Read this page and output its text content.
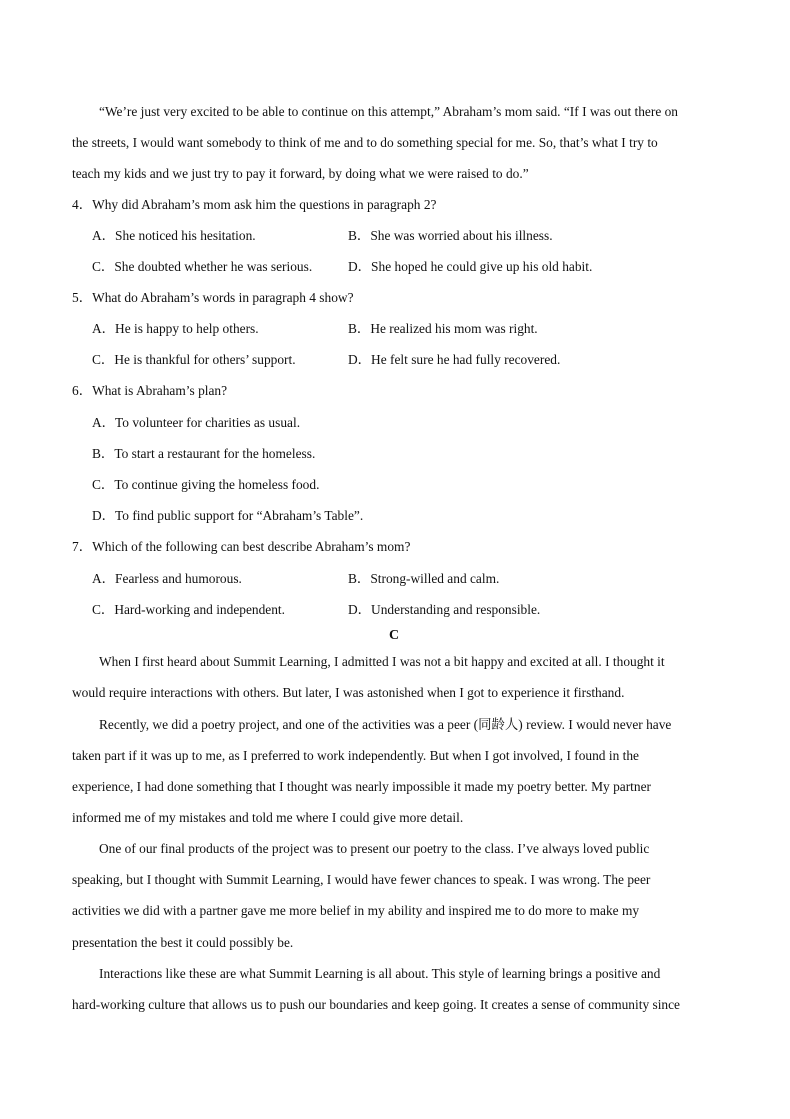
“We’re just very excited to be able to continue on this attempt,” Abraham’s mom said. “If I was out there on
the streets, I would want somebody to think of me and to do something special for me. So, that’s what I try to
teach my kids and we just try to pay it forward, by doing what we were raised to do.”
4．Why did Abraham’s mom ask him the questions in paragraph 2?
A．She noticed his hesitation.	B．She was worried about his illness.
C．She doubted whether he was serious.	D．She hoped he could give up his old habit.
5．What do Abraham’s words in paragraph 4 show?
A．He is happy to help others.	B．He realized his mom was right.
C．He is thankful for others’ support.	D．He felt sure he had fully recovered.
6．What is Abraham’s plan?
A．To volunteer for charities as usual.
B．To start a restaurant for the homeless.
C．To continue giving the homeless food.
D．To find public support for “Abraham’s Table”.
7．Which of the following can best describe Abraham’s mom?
A．Fearless and humorous.	B．Strong-willed and calm.
C．Hard-working and independent.	D．Understanding and responsible.
C
When I first heard about Summit Learning, I admitted I was not a bit happy and excited at all. I thought it
would require interactions with others. But later, I was astonished when I got to experience it firsthand.
Recently, we did a poetry project, and one of the activities was a peer (同龄人) review. I would never have
taken part if it was up to me, as I preferred to work independently. But when I got involved, I found in the
experience, I had done something that I thought was nearly impossible it made my poetry better. My partner
informed me of my mistakes and told me where I could give more detail.
One of our final products of the project was to present our poetry to the class. I’ve always loved public
speaking, but I thought with Summit Learning, I would have fewer chances to speak. I was wrong. The peer
activities we did with a partner gave me more belief in my ability and inspired me to do more to make my
presentation the best it could possibly be.
Interactions like these are what Summit Learning is all about. This style of learning brings a positive and
hard-working culture that allows us to push our boundaries and keep going. It creates a sense of community since
